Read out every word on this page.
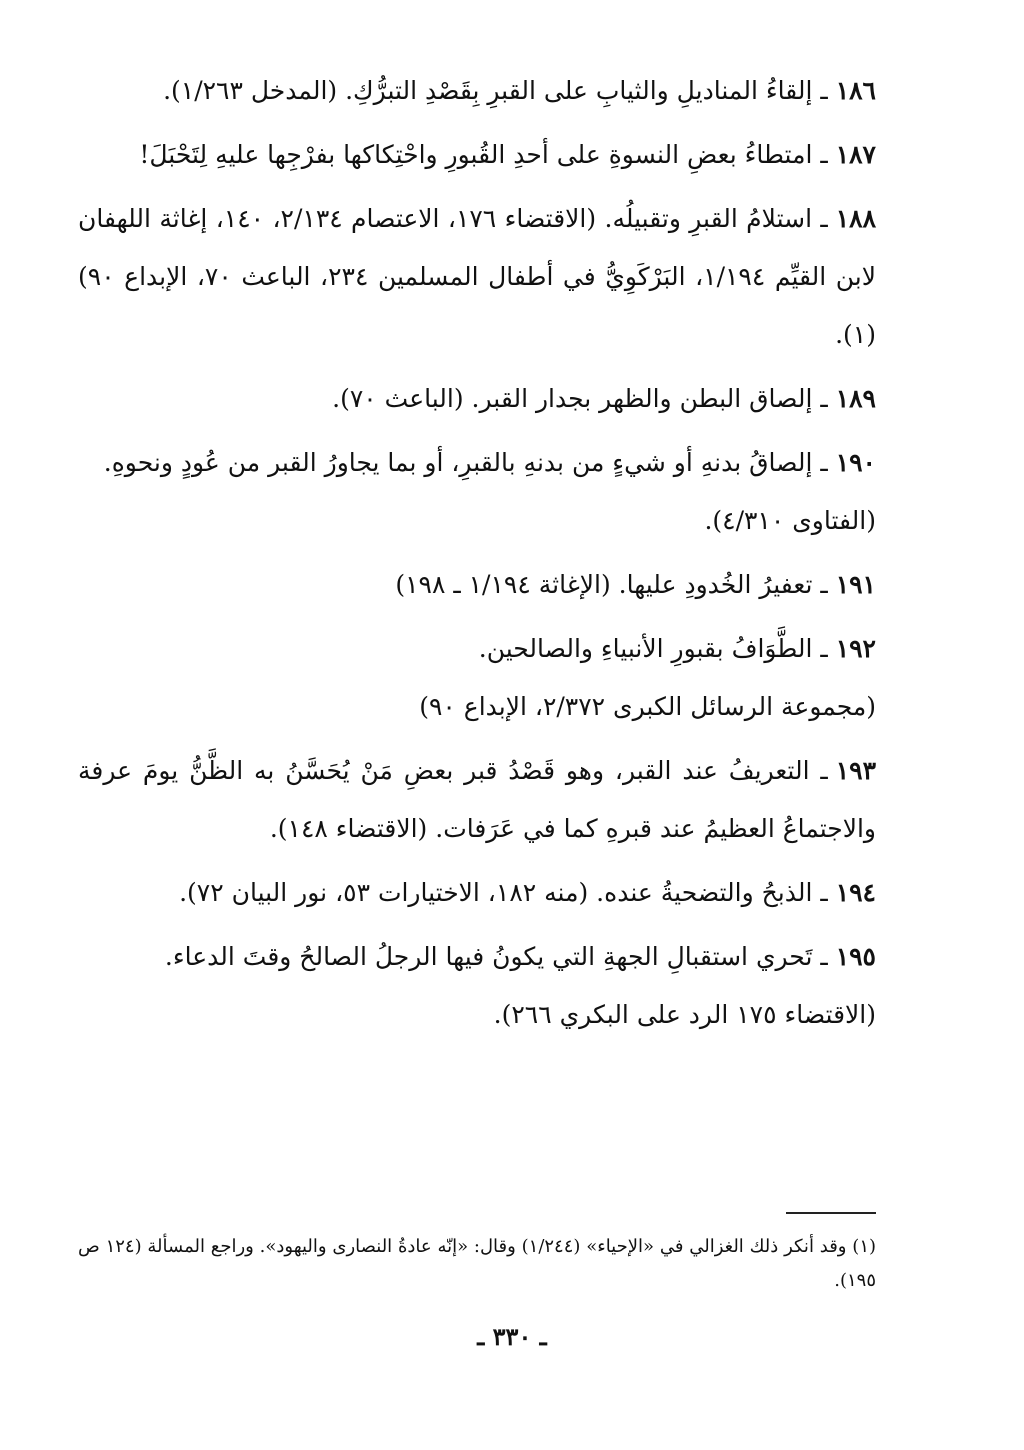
١٨٦ـ إلقاءُ المناديلِ والثيابِ على القبرِ بِقَصْدِ التبرُّكِ. (المدخل ١/٢٦٣).

١٨٧ـ امتطاءُ بعضِ النسوةِ على أحدِ القُبورِ واحْتِكاكها بفرْجِها عليهِ لِتَحْبَلَ!

١٨٨ـ استلامُ القبرِ وتقبيلُه. (الاقتضاء ١٧٦، الاعتصام ٢/١٣٤، ١٤٠، إغاثة اللهفان لابن القيِّم ١/١٩٤، البَرْكَوِيُّ في أطفال المسلمين ٢٣٤، الباعث ٧٠، الإبداع ٩٠)(١).

١٨٩ـ إلصاق البطن والظهر بجدار القبر. (الباعث ٧٠).

١٩٠ـ إلصاقُ بدنهِ أو شيءٍ من بدنهِ بالقبرِ، أو بما يجاورُ القبر من عُودٍ ونحوهِ.
(الفتاوى ٤/٣١٠).

١٩١ـ تعفيرُ الخُدودِ عليها. (الإغاثة ١/١٩٤ ـ ١٩٨)

١٩٢ـ الطَّوَافُ بقبورِ الأنبياءِ والصالحين.
(مجموعة الرسائل الكبرى ٢/٣٧٢، الإبداع ٩٠)

١٩٣ـ التعريفُ عند القبر، وهو قَصْدُ قبر بعضِ مَنْ يُحَسَّنُ به الظَّنُّ يومَ عرفة والاجتماعُ العظيمُ عند قبرهِ كما في عَرَفات. (الاقتضاء ١٤٨).

١٩٤ـ الذبحُ والتضحيةُ عنده. (منه ١٨٢، الاختيارات ٥٣، نور البيان ٧٢).

١٩٥ـ تَحري استقبالِ الجهةِ التي يكونُ فيها الرجلُ الصالحُ وقتَ الدعاء.
(الاقتضاء ١٧٥ الرد على البكري ٢٦٦).

(١) وقد أنكر ذلك الغزالي في «الإحياء» (١/٢٤٤) وقال: «إنّه عادةُ النصارى واليهود». وراجع المسألة (١٢٤ ص ١٩٥).
ـ ٣٣٠ ـ
